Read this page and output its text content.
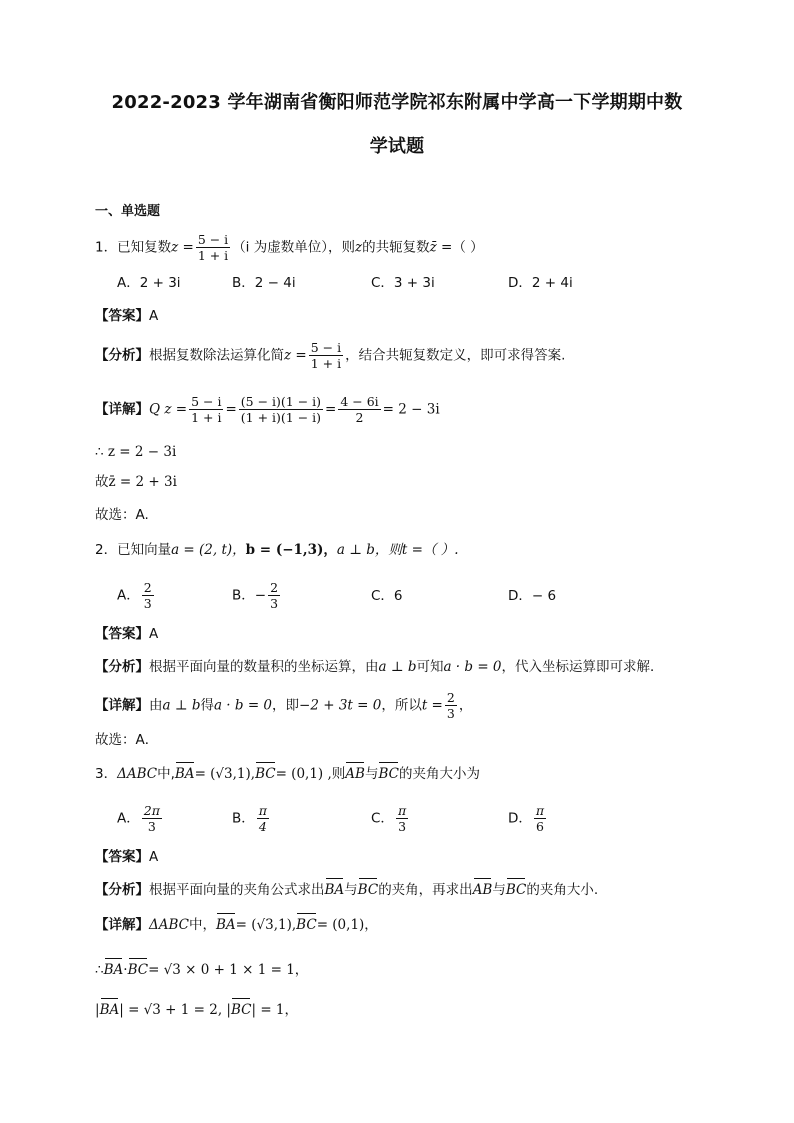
2022-2023 学年湖南省衡阳师范学院祁东附属中学高一下学期期中数
学试题
一、单选题
1．已知复数$z = \frac{5 - i}{1 + i} (i$ 为虚数单位），则z的共轭复数z̄ =（ ）
A．2 + 3i	B．2 − 4i	C．3 + 3i	D．2 + 4i
【答案】A
【分析】根据复数除法运算化简$z = \frac{5 - i}{1 + i}$ ，结合共轭复数定义，即可求得答案.
【详解】Q $z = \frac{5 - i}{1 + i} = \frac{(5 - i)(1 - i)}{(1 + i)(1 - i)} = \frac{4 - 6i}{2} = 2 - 3i$
∴ z = 2 − 3i
故z̄ = 2 + 3i
故选：A.
2．已知向量a = (2, t)，b = (−1,3)，a ⊥ b，则t =（ ）.
A． $\frac{2}{3}$	B．− $\frac{2}{3}$	C．6	D．− 6
【答案】A
【分析】根据平面向量的数量积的坐标运算，由a ⊥ b可知a · b = 0，代入坐标运算即可求解．
【详解】由a ⊥ b得a · b = 0，即−2 + 3t = 0，所以$t = \frac{2}{3}$ ，
故选：A．
3．ΔABC中,BA= (√3,1),BC= (0,1) ,则AB与BC的夹角大小为
A． $\frac{2\pi}{3}$	B． $\frac{\pi}{4}$	C． $\frac{\pi}{3}$	D． $\frac{\pi}{6}$
【答案】A
【分析】根据平面向量的夹角公式求出BA与BC的夹角，再求出AB与BC的夹角大小.
【详解】ΔABC中，BA= (√3,1),BC= (0,1)，
∴BA·BC= √3 × 0 + 1 × 1 = 1，
|BA| = √3 + 1 = 2, |BC| = 1，
